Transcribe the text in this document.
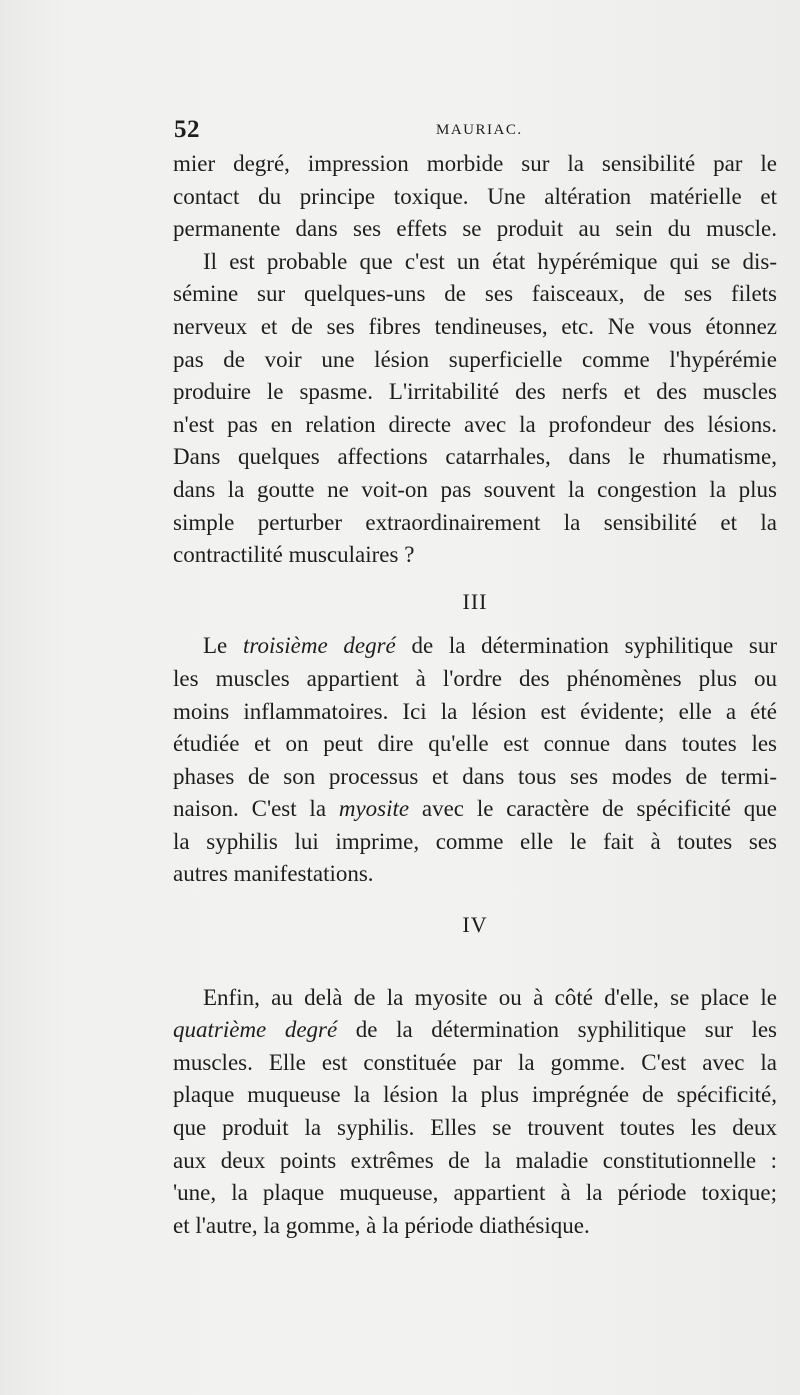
52	MAURIAC.

mier degré, impression morbide sur la sensibilité par le
contact du principe toxique. Une altération matérielle et
permanente dans ses effets se produit au sein du muscle.

Il est probable que c'est un état hypérémique qui se dis-
sémine sur quelques-uns de ses faisceaux, de ses filets
nerveux et de ses fibres tendineuses, etc. Ne vous étonnez
pas de voir une lésion superficielle comme l'hypérémie
produire le spasme. L'irritabilité des nerfs et des muscles
n'est pas en relation directe avec la profondeur des lésions.
Dans quelques affections catarrhales, dans le rhumatisme,
dans la goutte ne voit-on pas souvent la congestion la plus
simple perturber extraordinairement la sensibilité et la
contractilité musculaires ?

III

Le troisième degré de la détermination syphilitique sur
les muscles appartient à l'ordre des phénomènes plus ou
moins inflammatoires. Ici la lésion est évidente; elle a été
étudiée et on peut dire qu'elle est connue dans toutes les
phases de son processus et dans tous ses modes de termi-
naison. C'est la myosite avec le caractère de spécificité que
la syphilis lui imprime, comme elle le fait à toutes ses
autres manifestations.

IV

Enfin, au delà de la myosite ou à côté d'elle, se place le
quatrième degré de la détermination syphilitique sur les
muscles. Elle est constituée par la gomme. C'est avec la
plaque muqueuse la lésion la plus imprégnée de spécificité,
que produit la syphilis. Elles se trouvent toutes les deux
aux deux points extrêmes de la maladie constitutionnelle :
'une, la plaque muqueuse, appartient à la période toxique;
et l'autre, la gomme, à la période diathésique.
